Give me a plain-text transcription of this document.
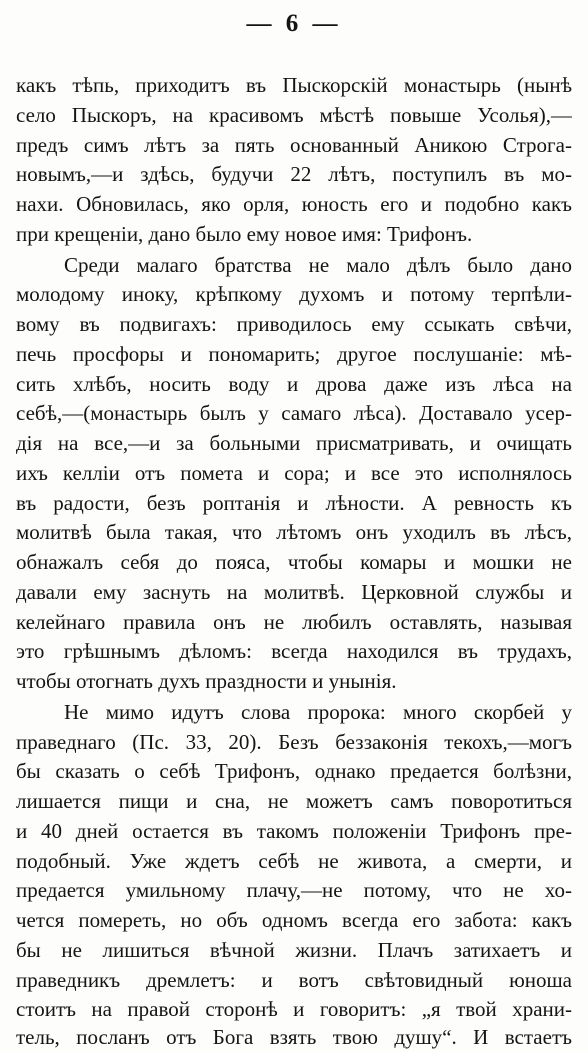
— 6 —
какъ тѣпь, приходитъ въ Пыскорскій монастырь (нынѣ
село Пыскоръ, на красивомъ мѣстѣ повыше Усолья),—
предъ симъ лѣтъ за пять основанный Аникою Строга-
новымъ,—и здѣсь, будучи 22 лѣтъ, поступилъ въ мо-
нахи. Обновилась, яко орля, юность его и подобно какъ
при крещеніи, дано было ему новое имя: Трифонъ.
Среди малаго братства не мало дѣлъ было дано
молодому иноку, крѣпкому духомъ и потому терпѣли-
вому въ подвигахъ: приводилось ему ссыкать свѣчи,
печь просфоры и пономарить; другое послушаніе: мѣ-
сить хлѣбъ, носить воду и дрова даже изъ лѣса на
себѣ,—(монастырь былъ у самаго лѣса). Доставало усер-
дія на все,—и за больными присматривать, и очищать
ихъ келліи отъ помета и сора; и все это исполнялось
въ радости, безъ роптанія и лѣности. А ревность къ
молитвѣ была такая, что лѣтомъ онъ уходилъ въ лѣсъ,
обнажалъ себя до пояса, чтобы комары и мошки не
давали ему заснуть на молитвѣ. Церковной службы и
келейнаго правила онъ не любилъ оставлять, называя
это грѣшнымъ дѣломъ: всегда находился въ трудахъ,
чтобы отогнать духъ праздности и унынія.
Не мимо идутъ слова пророка: много скорбей у
праведнаго (Пс. 33, 20). Безъ беззаконія текохъ,—могъ
бы сказать о себѣ Трифонъ, однако предается болѣзни,
лишается пищи и сна, не можетъ самъ поворотиться
и 40 дней остается въ такомъ положеніи Трифонъ пре-
подобный. Уже ждетъ себѣ не живота, а смерти, и
предается умильному плачу,—не потому, что не хо-
чется помереть, но объ одномъ всегда его забота: какъ
бы не лишиться вѣчной жизни. Плачъ затихаетъ и
праведникъ дремлетъ: и вотъ свѣтовидный юноша
стоитъ на правой сторонѣ и говоритъ: „я твой храни-
тель, посланъ отъ Бога взять твою душу“. И встаетъ
